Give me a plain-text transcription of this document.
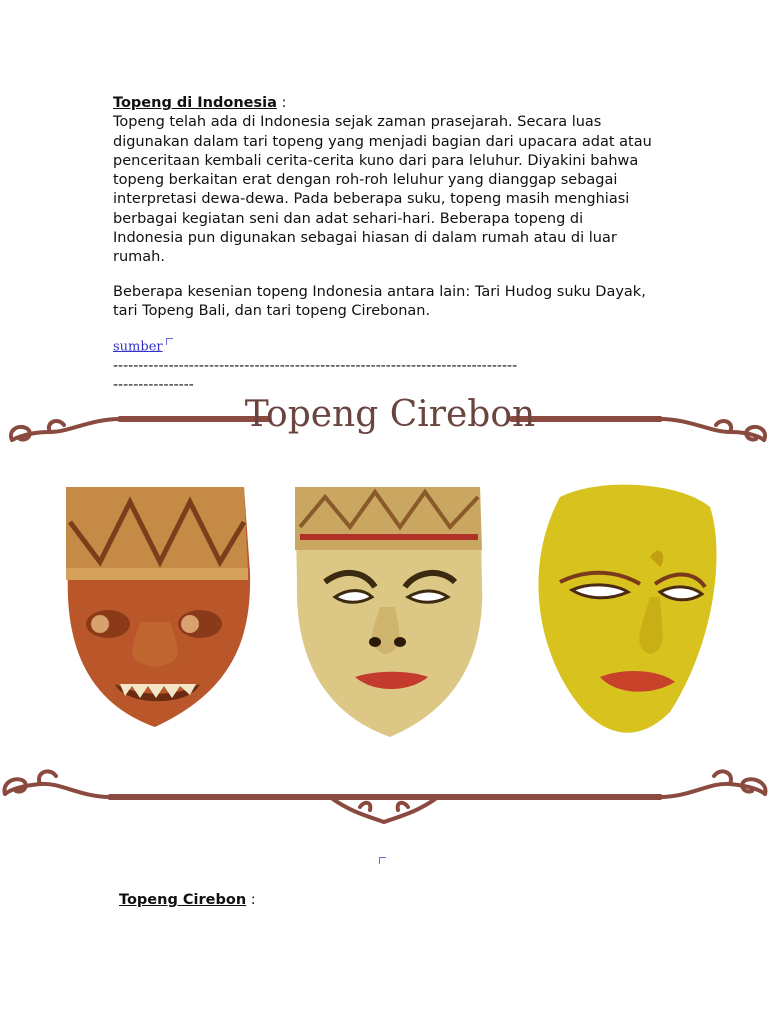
Topeng di Indonesia :
Topeng telah ada di Indonesia sejak zaman prasejarah. Secara luas digunakan dalam tari topeng yang menjadi bagian dari upacara adat atau penceritaan kembali cerita-cerita kuno dari para leluhur. Diyakini bahwa topeng berkaitan erat dengan roh-roh leluhur yang dianggap sebagai interpretasi dewa-dewa. Pada beberapa suku, topeng masih menghiasi berbagai kegiatan seni dan adat sehari-hari. Beberapa topeng di Indonesia pun digunakan sebagai hiasan di dalam rumah atau di luar rumah.
Beberapa kesenian topeng Indonesia antara lain: Tari Hudog suku Dayak, tari Topeng Bali, dan tari topeng Cirebonan.
sumber
--------------------------------------------------------------------------------
----------------
Topeng Cirebon
Topeng Cirebon :
